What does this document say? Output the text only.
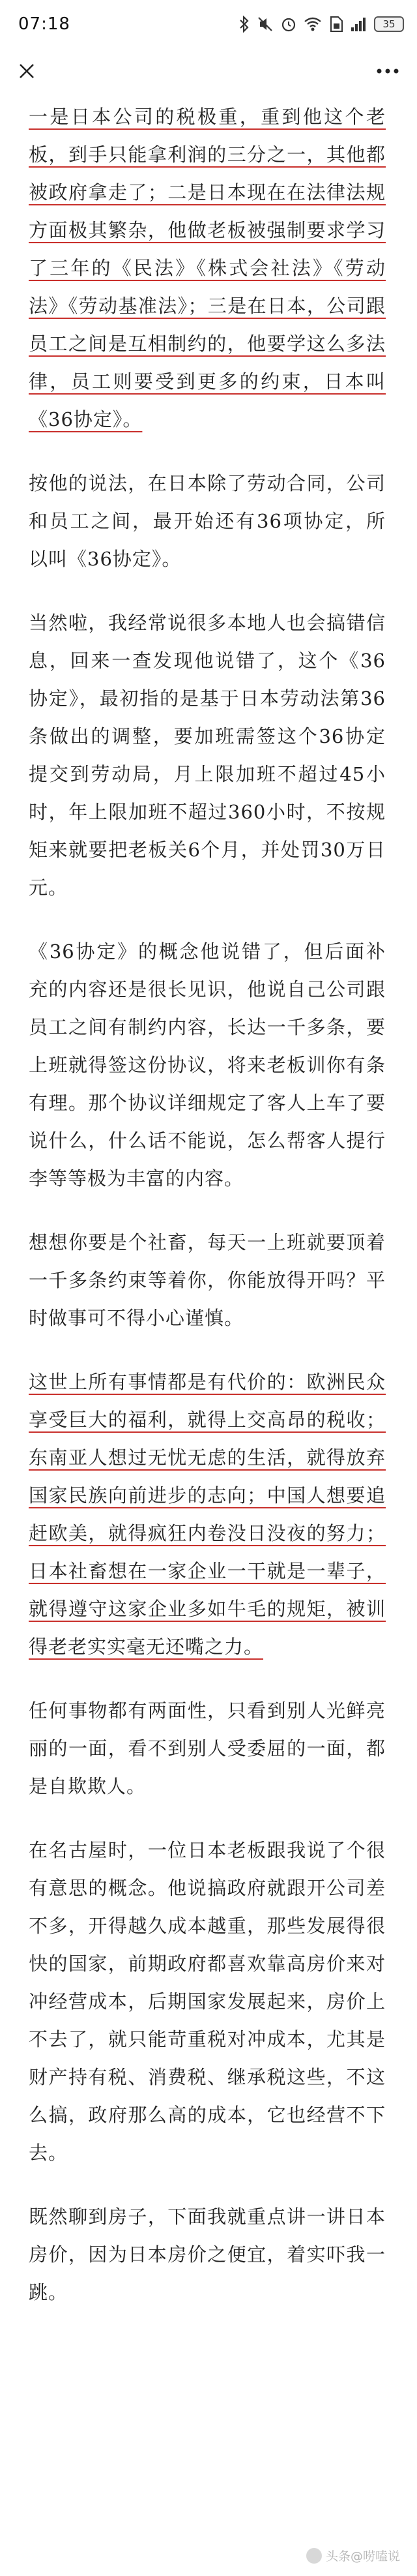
07:18	35

一是日本公司的税极重，重到他这个老板，到手只能拿利润的三分之一，其他都被政府拿走了；二是日本现在在法律法规方面极其繁杂，他做老板被强制要求学习了三年的《民法》《株式会社法》《劳动法》《劳动基准法》；三是在日本，公司跟员工之间是互相制约的，他要学这么多法律，员工则要受到更多的约束，日本叫《36协定》。

按他的说法，在日本除了劳动合同，公司和员工之间，最开始还有36项协定，所以叫《36协定》。

当然啦，我经常说很多本地人也会搞错信息，回来一查发现他说错了，这个《36协定》，最初指的是基于日本劳动法第36条做出的调整，要加班需签这个36协定提交到劳动局，月上限加班不超过45小时，年上限加班不超过360小时，不按规矩来就要把老板关6个月，并处罚30万日元。

《36协定》的概念他说错了，但后面补充的内容还是很长见识，他说自己公司跟员工之间有制约内容，长达一千多条，要上班就得签这份协议，将来老板训你有条有理。那个协议详细规定了客人上车了要说什么，什么话不能说，怎么帮客人提行李等等极为丰富的内容。

想想你要是个社畜，每天一上班就要顶着一千多条约束等着你，你能放得开吗？平时做事可不得小心谨慎。

这世上所有事情都是有代价的：欧洲民众享受巨大的福利，就得上交高昂的税收；东南亚人想过无忧无虑的生活，就得放弃国家民族向前进步的志向；中国人想要追赶欧美，就得疯狂内卷没日没夜的努力；日本社畜想在一家企业一干就是一辈子，就得遵守这家企业多如牛毛的规矩，被训得老老实实毫无还嘴之力。

任何事物都有两面性，只看到别人光鲜亮丽的一面，看不到别人受委屈的一面，都是自欺欺人。

在名古屋时，一位日本老板跟我说了个很有意思的概念。他说搞政府就跟开公司差不多，开得越久成本越重，那些发展得很快的国家，前期政府都喜欢靠高房价来对冲经营成本，后期国家发展起来，房价上不去了，就只能苛重税对冲成本，尤其是财产持有税、消费税、继承税这些，不这么搞，政府那么高的成本，它也经营不下去。

既然聊到房子，下面我就重点讲一讲日本房价，因为日本房价之便宜，着实吓我一跳。

头条@唠嗑说
